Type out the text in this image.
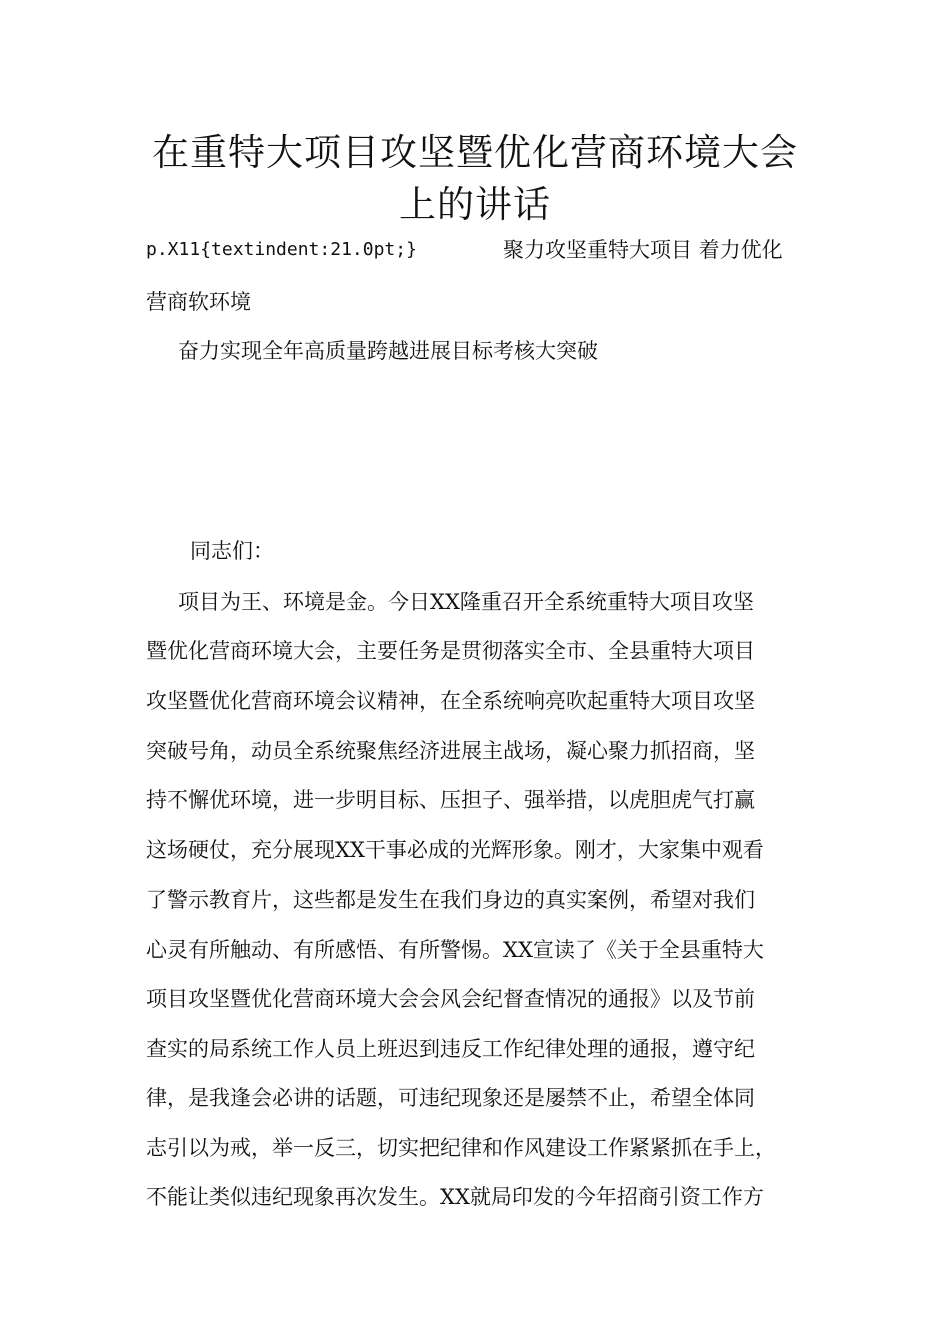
在重特大项目攻坚暨优化营商环境大会
上的讲话
p.X11{textindent:21.0pt;}	聚力攻坚重特大项目 着力优化
营商软环境
奋力实现全年高质量跨越进展目标考核大突破
同志们：
项目为王、环境是金。今日XX隆重召开全系统重特大项目攻坚
暨优化营商环境大会，主要任务是贯彻落实全市、全县重特大项目
攻坚暨优化营商环境会议精神，在全系统响亮吹起重特大项目攻坚
突破号角，动员全系统聚焦经济进展主战场，凝心聚力抓招商，坚
持不懈优环境，进一步明目标、压担子、强举措，以虎胆虎气打赢
这场硬仗，充分展现XX干事必成的光辉形象。刚才，大家集中观看
了警示教育片，这些都是发生在我们身边的真实案例，希望对我们
心灵有所触动、有所感悟、有所警惕。XX宣读了《关于全县重特大
项目攻坚暨优化营商环境大会会风会纪督查情况的通报》以及节前
查实的局系统工作人员上班迟到违反工作纪律处理的通报，遵守纪
律，是我逢会必讲的话题，可违纪现象还是屡禁不止，希望全体同
志引以为戒，举一反三，切实把纪律和作风建设工作紧紧抓在手上，
不能让类似违纪现象再次发生。XX就局印发的今年招商引资工作方
